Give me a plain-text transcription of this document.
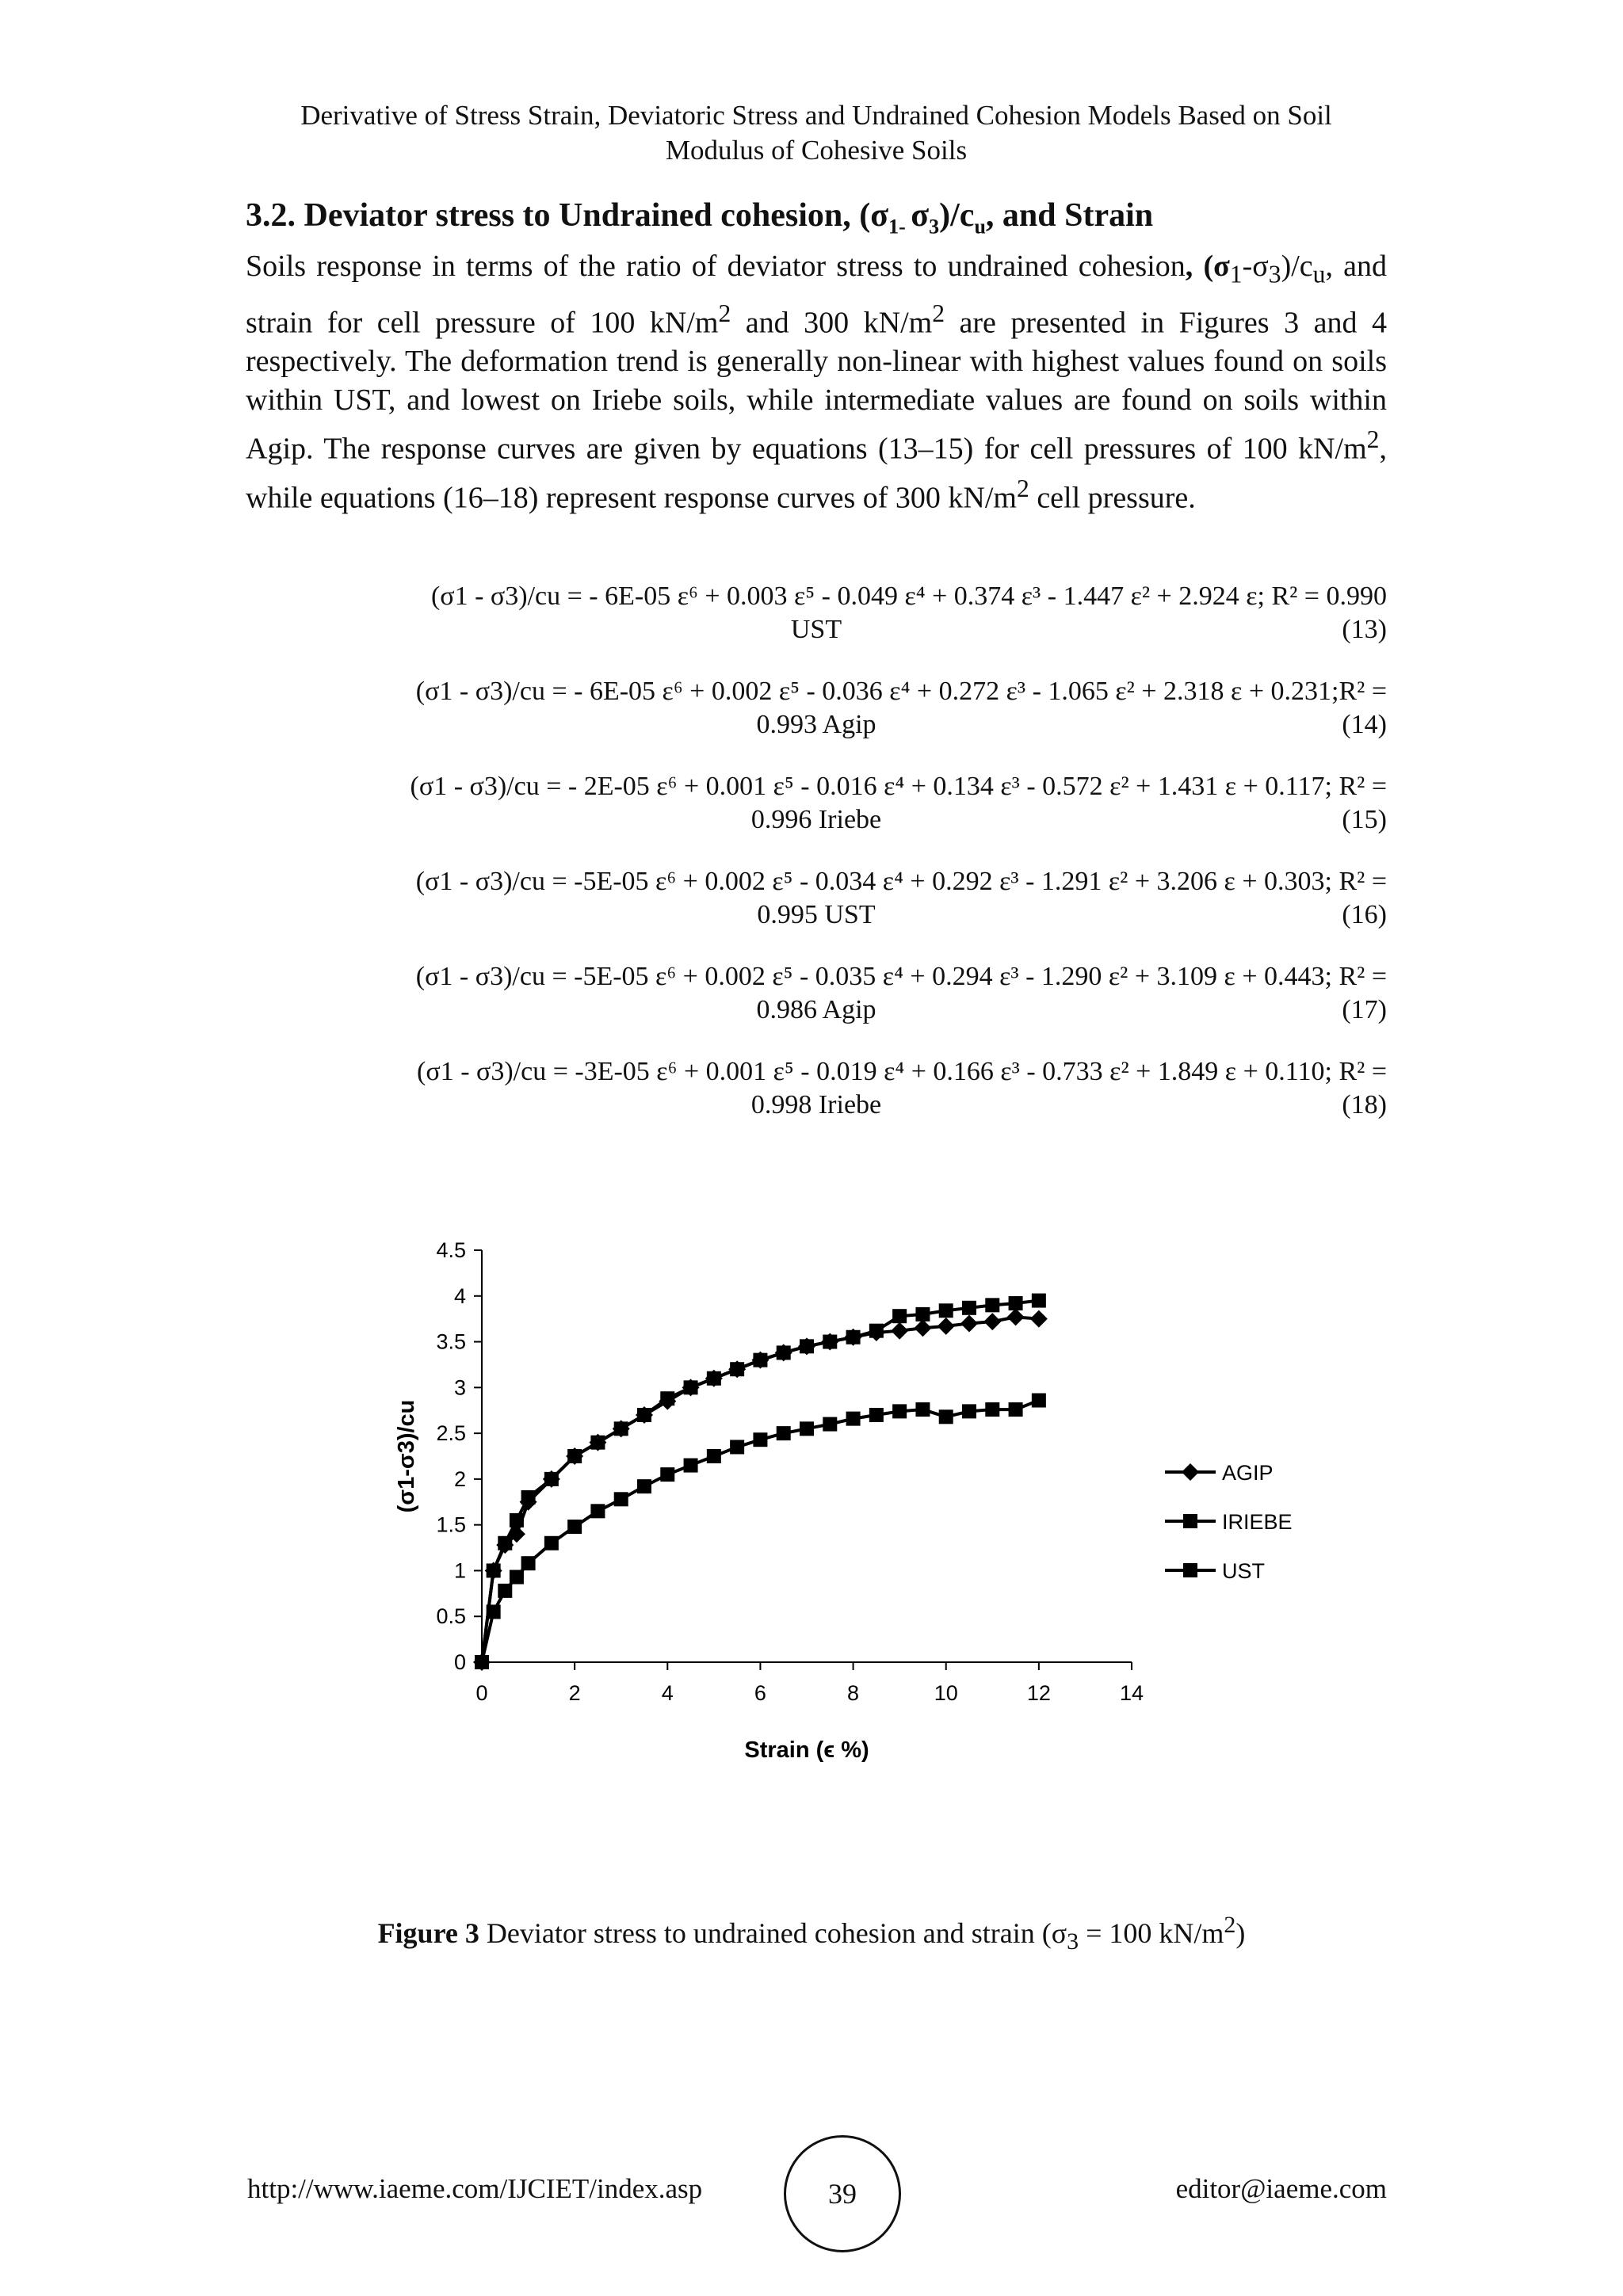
Derivative of Stress Strain, Deviatoric Stress and Undrained Cohesion Models Based on Soil
Modulus of Cohesive Soils
3.2. Deviator stress to Undrained cohesion, ($\sigma_{1-}$ $\sigma_3)/c_u$, and Strain

Soils response in terms of the ratio of deviator stress to undrained cohesion, $(\sigma_1-\sigma_3)/c_u$, and strain for cell pressure of 100 $kN/m^2$ and 300 $kN/m^2$ are presented in Figures 3 and 4 respectively. The deformation trend is generally non-linear with highest values found on soils within UST, and lowest on Iriebe soils, while intermediate values are found on soils within Agip. The response curves are given by equations (13–15) for cell pressures of 100 $kN/m^2$, while equations (16–18) represent response curves of 300 $kN/m^2$ cell pressure.

(σ1 - σ3)/cu = - 6E-05 ε⁶ + 0.003 ε⁵ - 0.049 ε⁴ + 0.374 ε³ - 1.447 ε² + 2.924 ε; R² = 0.990
UST	(13)
(σ1 - σ3)/cu = - 6E-05 ε⁶ + 0.002 ε⁵ - 0.036 ε⁴ + 0.272 ε³ - 1.065 ε² + 2.318 ε + 0.231;R² =
0.993 Agip	(14)
(σ1 - σ3)/cu = - 2E-05 ε⁶ + 0.001 ε⁵ - 0.016 ε⁴ + 0.134 ε³ - 0.572 ε² + 1.431 ε + 0.117; R² =
0.996 Iriebe	(15)
(σ1 - σ3)/cu = -5E-05 ε⁶ + 0.002 ε⁵ - 0.034 ε⁴ + 0.292 ε³ - 1.291 ε² + 3.206 ε + 0.303; R² =
0.995 UST	(16)
(σ1 - σ3)/cu = -5E-05 ε⁶ + 0.002 ε⁵ - 0.035 ε⁴ + 0.294 ε³ - 1.290 ε² + 3.109 ε + 0.443; R² =
0.986 Agip	(17)
(σ1 - σ3)/cu = -3E-05 ε⁶ + 0.001 ε⁵ - 0.019 ε⁴ + 0.166 ε³ - 0.733 ε² + 1.849 ε + 0.110; R² =
0.998 Iriebe	(18)
0
0.5
1
1.5
2
2.5
3
3.5
4
4.5
0	2	4	6	8	10	12	14
Strain (ϵ %)
(σ1-σ3)/cu	AGIP
IRIEBE
UST
Figure 3 Deviator stress to undrained cohesion and strain ($\sigma_3 = 100$ $kN/m^2$)
http://www.iaeme.com/IJCIET/index.asp	39	editor@iaeme.com
